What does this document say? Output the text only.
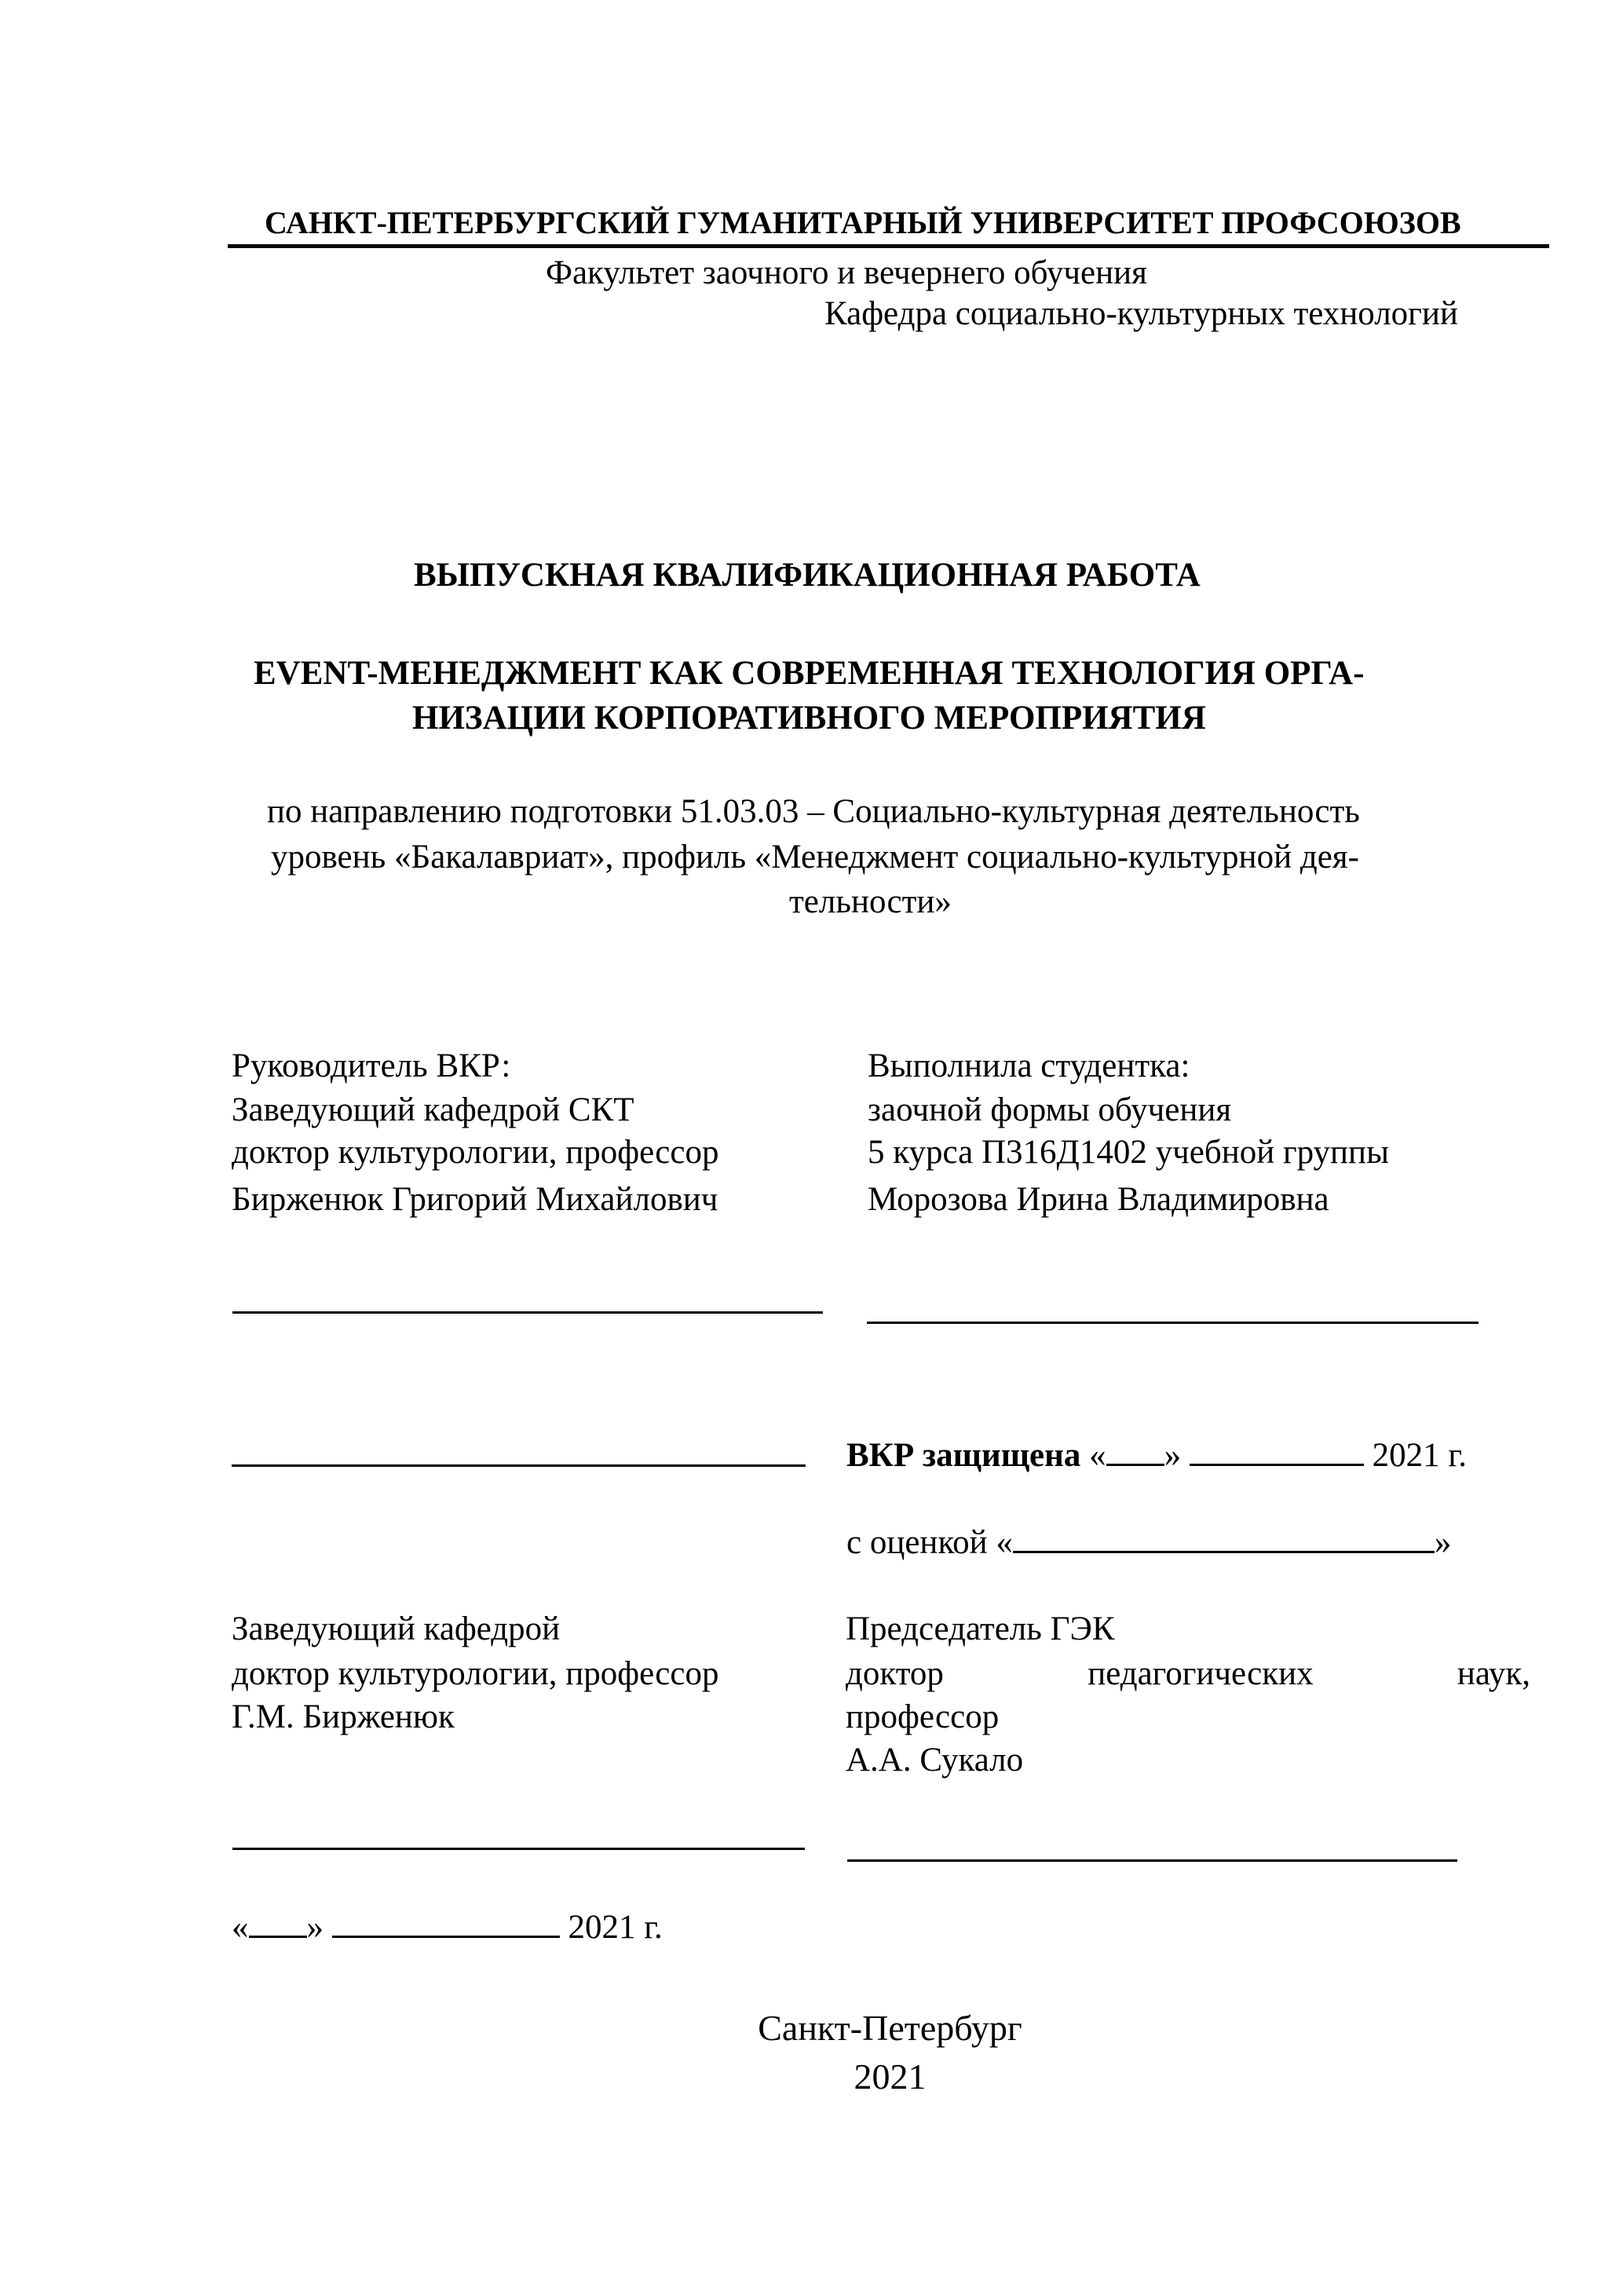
САНКТ-ПЕТЕРБУРГСКИЙ ГУМАНИТАРНЫЙ УНИВЕРСИТЕТ ПРОФСОЮЗОВ
Факультет заочного и вечернего обучения
Кафедра социально-культурных технологий
ВЫПУСКНАЯ КВАЛИФИКАЦИОННАЯ РАБОТА
EVENT-МЕНЕДЖМЕНТ КАК СОВРЕМЕННАЯ ТЕХНОЛОГИЯ ОРГА-
НИЗАЦИИ КОРПОРАТИВНОГО МЕРОПРИЯТИЯ
по направлению подготовки 51.03.03 – Социально-культурная деятельность
уровень «Бакалавриат», профиль «Менеджмент социально-культурной дея-
тельности»
Руководитель ВКР:
Заведующий кафедрой СКТ
доктор культурологии, профессор
Бирженюк Григорий Михайлович
Выполнила студентка:
заочной формы обучения
5 курса П316Д1402 учебной группы
Морозова Ирина Владимировна
ВКР защищена « »	2021 г.
с оценкой «	»
Заведующий кафедрой
доктор культурологии, профессор
Г.М. Бирженюк
Председатель ГЭК
доктор	педагогических	наук,
профессор
А.А. Сукало
« »	2021 г.
Санкт-Петербург
2021
